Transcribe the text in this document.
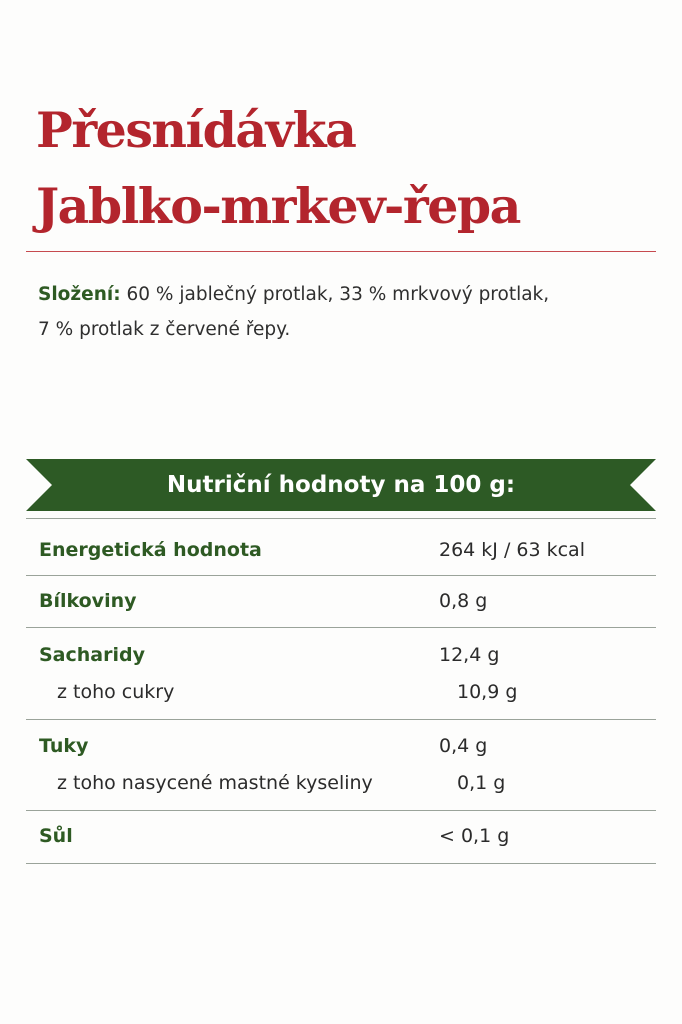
Přesnídávka
Jablko-mrkev-řepa

Složení: 60 % jablečný protlak, 33 % mrkvový protlak,
7 % protlak z červené řepy.

Nutriční hodnoty na 100 g:
Energetická hodnota	264 kJ / 63 kcal
Bílkoviny	0,8 g
Sacharidy	12,4 g
z toho cukry	10,9 g
Tuky	0,4 g
z toho nasycené mastné kyseliny	0,1 g
Sůl	< 0,1 g
